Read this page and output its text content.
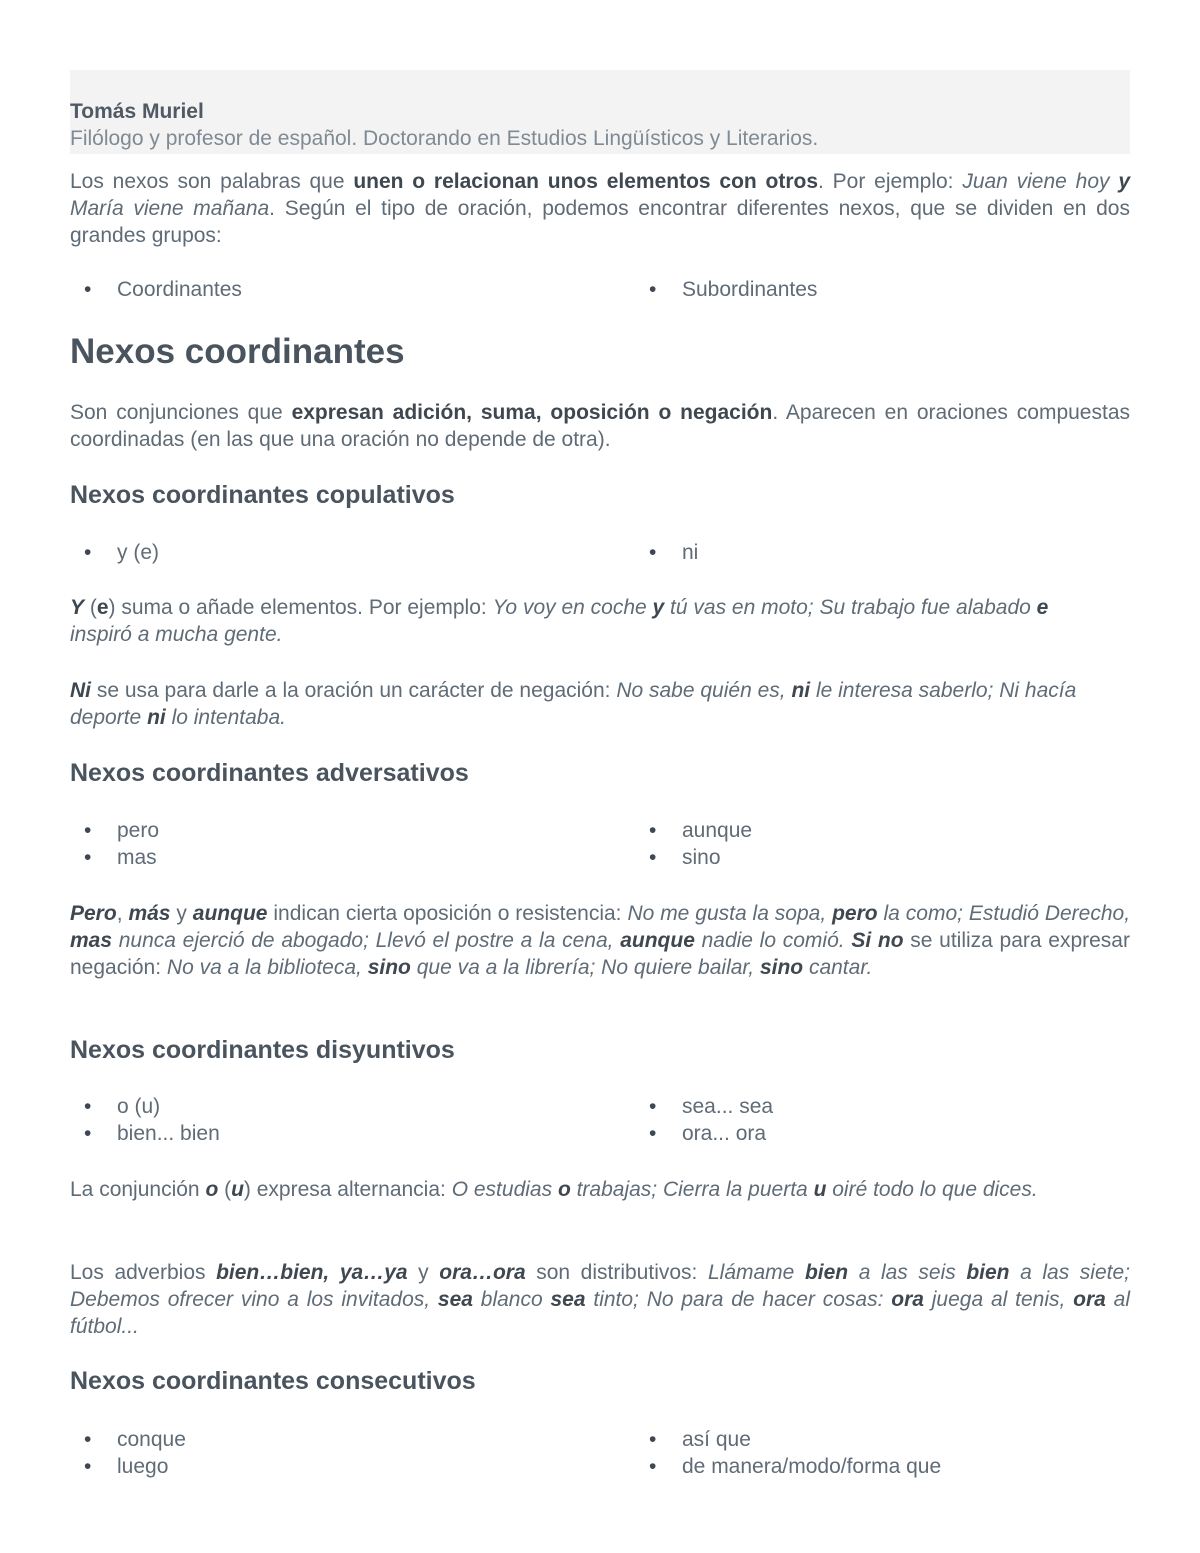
Tomás Muriel
Filólogo y profesor de español. Doctorando en Estudios Lingüísticos y Literarios.

Los nexos son palabras que unen o relacionan unos elementos con otros. Por ejemplo: Juan viene hoy y María viene mañana. Según el tipo de oración, podemos encontrar diferentes nexos, que se dividen en dos grandes grupos:

• Coordinantes	• Subordinantes
Nexos coordinantes

Son conjunciones que expresan adición, suma, oposición o negación. Aparecen en oraciones compuestas coordinadas (en las que una oración no depende de otra).

Nexos coordinantes copulativos
• y (e)	• ni

Y (e) suma o añade elementos. Por ejemplo: Yo voy en coche y tú vas en moto; Su trabajo fue alabado e inspiró a mucha gente.

Ni se usa para darle a la oración un carácter de negación: No sabe quién es, ni le interesa saberlo; Ni hacía deporte ni lo intentaba.

Nexos coordinantes adversativos
• pero
• mas
• aunque
• sino

Pero, más y aunque indican cierta oposición o resistencia: No me gusta la sopa, pero la como; Estudió Derecho, mas nunca ejerció de abogado; Llevó el postre a la cena, aunque nadie lo comió. Si no se utiliza para expresar negación: No va a la biblioteca, sino que va a la librería; No quiere bailar, sino cantar.

Nexos coordinantes disyuntivos
• o (u)
• bien... bien
• sea... sea
• ora... ora

La conjunción o (u) expresa alternancia: O estudias o trabajas; Cierra la puerta u oiré todo lo que dices.

Los adverbios bien…bien, ya…ya y ora…ora son distributivos: Llámame bien a las seis bien a las siete; Debemos ofrecer vino a los invitados, sea blanco sea tinto; No para de hacer cosas: ora juega al tenis, ora al fútbol...

Nexos coordinantes consecutivos
• conque
• luego
• así que
• de manera/modo/forma que
